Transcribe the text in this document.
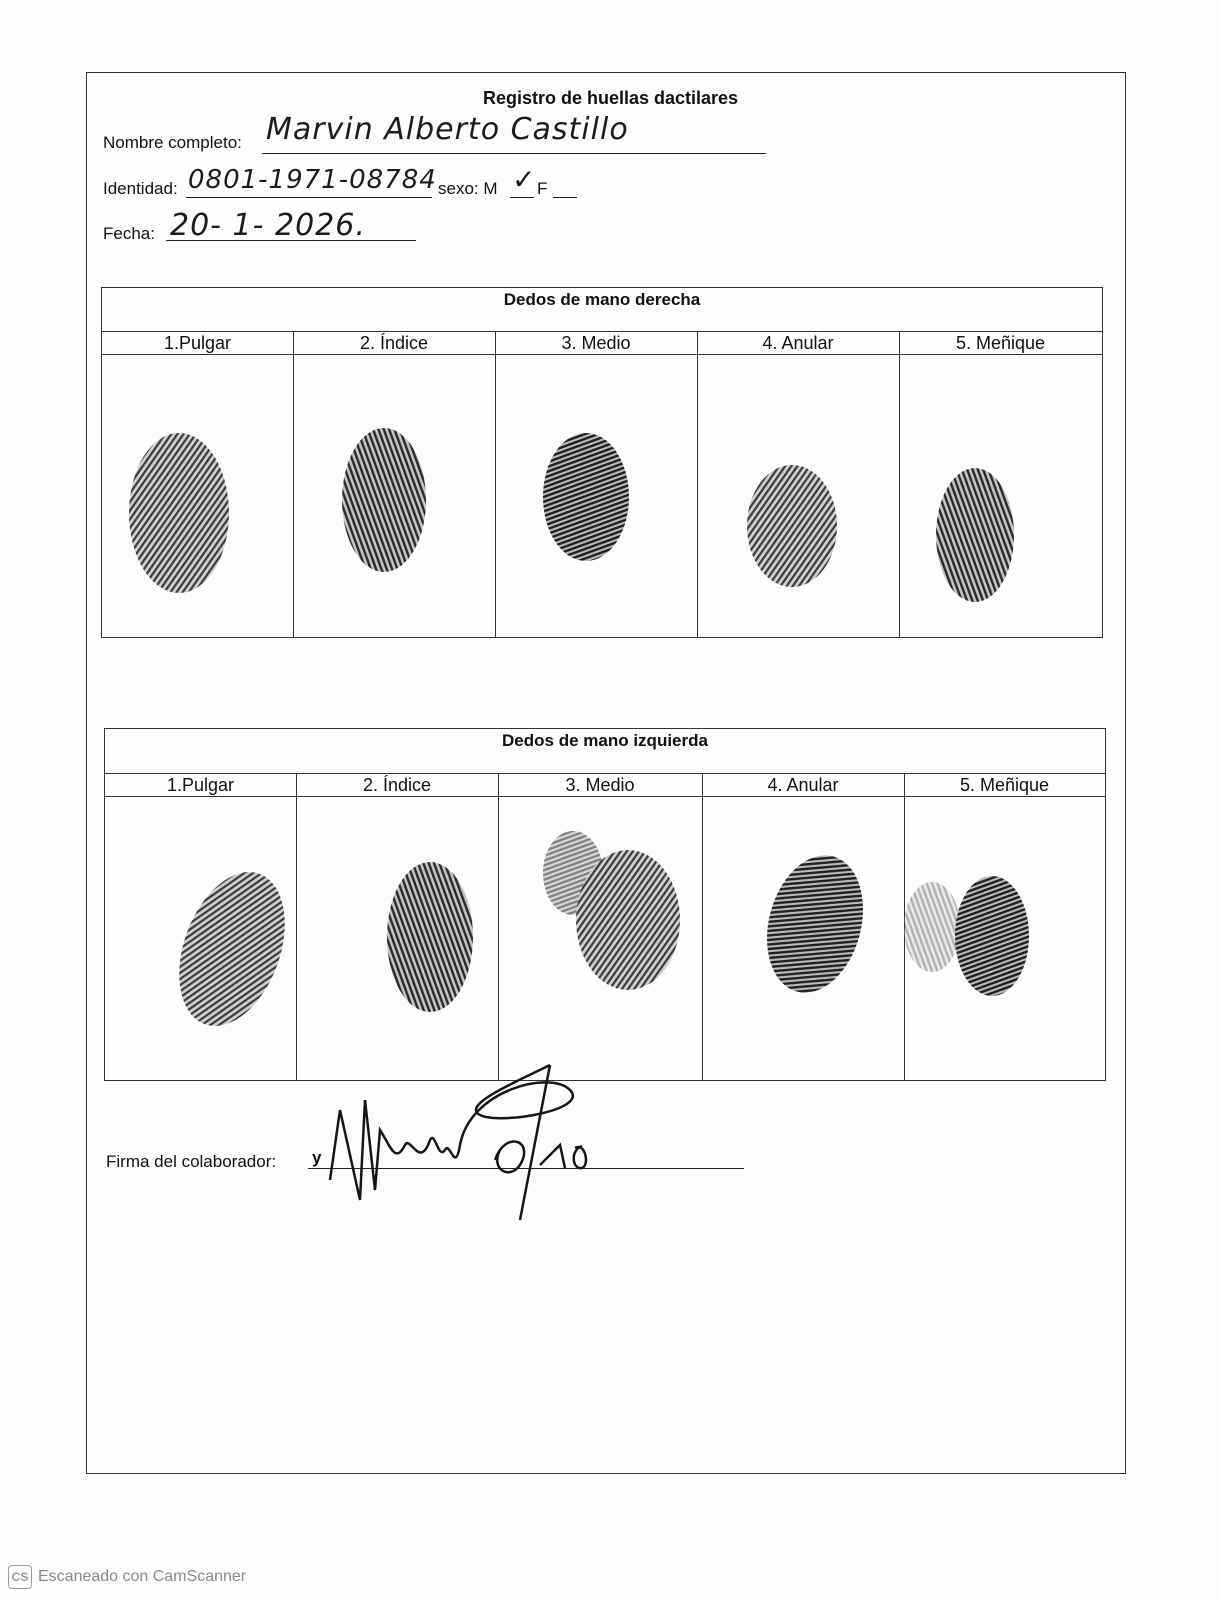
Registro de huellas dactilares
Nombre completo: Marvin Alberto Castillo
Identidad: 0801-1971-08784 sexo: M ✓ F
Fecha: 20- 1- 2026.
Dedos de mano derecha
1.Pulgar	2. Índice	3. Medio	4. Anular	5. Meñique
Dedos de mano izquierda
1.Pulgar	2. Índice	3. Medio	4. Anular	5. Meñique
Firma del colaborador: y
CS Escaneado con CamScanner
